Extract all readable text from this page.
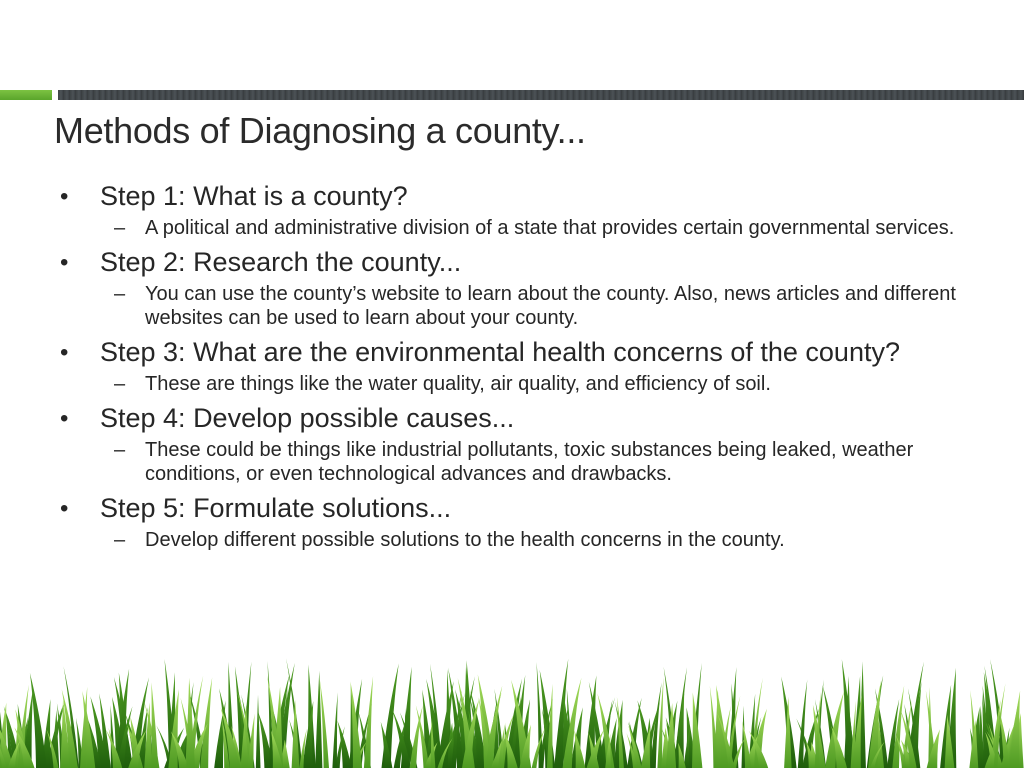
Methods of Diagnosing a county...
• Step 1: What is a county?
– A political and administrative division of a state that provides certain governmental services.
• Step 2: Research the county...
– You can use the county’s website to learn about the county. Also, news articles and different websites can be used to learn about your county.
• Step 3: What are the environmental health concerns of the county?
– These are things like the water quality, air quality, and efficiency of soil.
• Step 4: Develop possible causes...
– These could be things like industrial pollutants, toxic substances being leaked, weather conditions, or even technological advances and drawbacks.
• Step 5: Formulate solutions...
– Develop different possible solutions to the health concerns in the county.
